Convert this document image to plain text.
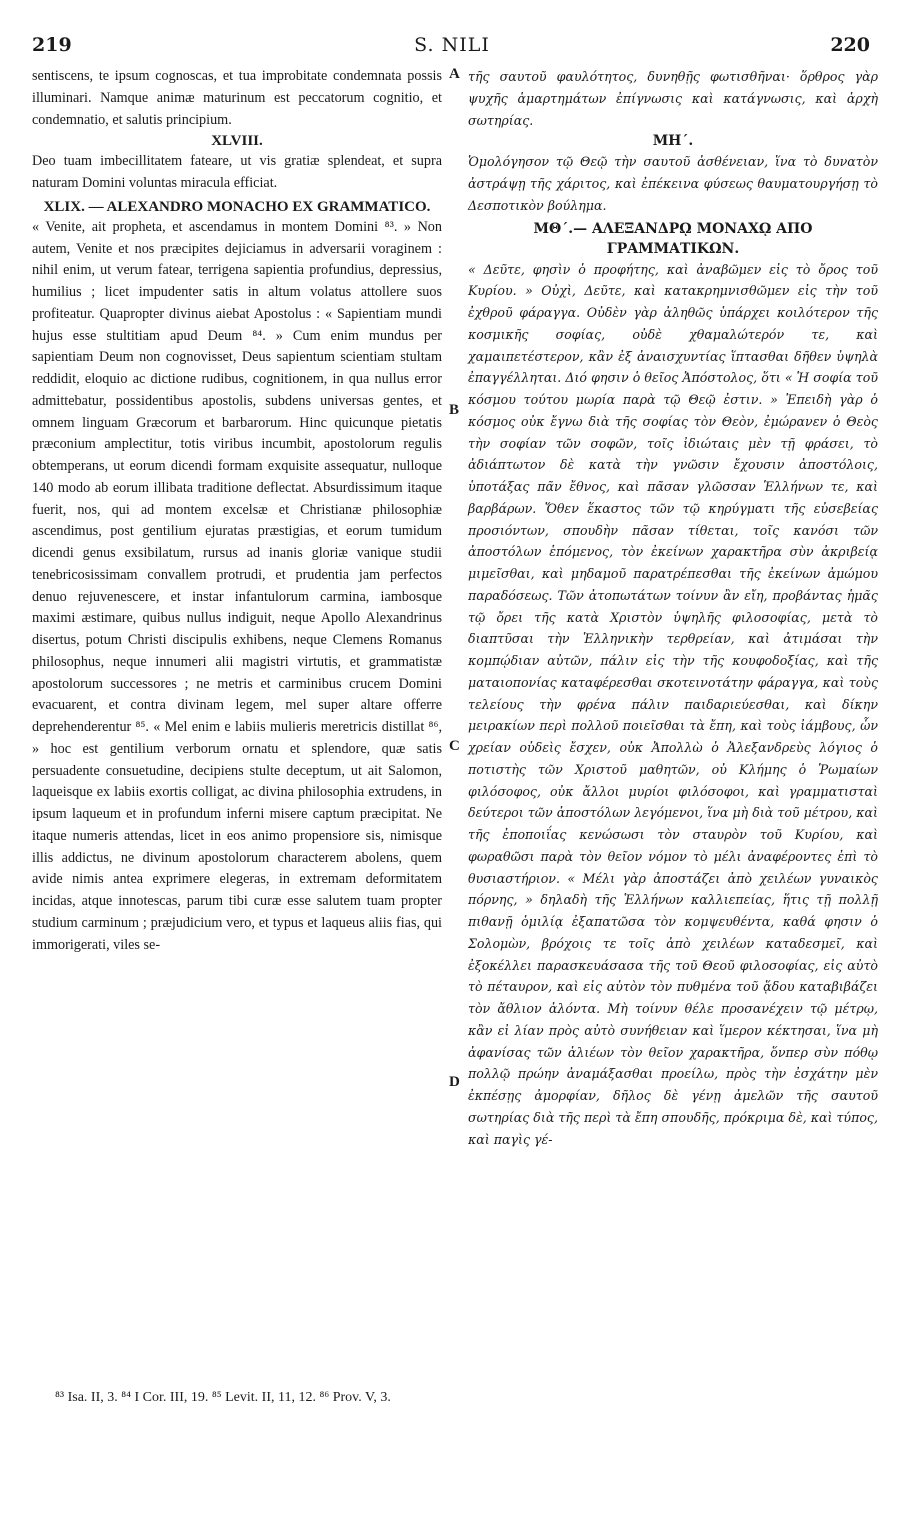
219	S. NILI	220

sentiscens, te ipsum cognoscas, et tua improbitate condemnata possis illuminari. Namque animæ maturinum est peccatorum cognitio, et condemnatio, et salutis principium.

XLVIII.

Deo tuam imbecillitatem fateare, ut vis gratiæ splendeat, et supra naturam Domini voluntas miracula efficiat.

XLIX. — ALEXANDRO MONACHO EX GRAMMATICO.

« Venite, ait propheta, et ascendamus in montem Domini ⁸³. » Non autem, Venite et nos præcipites dejiciamus in adversarii voraginem : nihil enim, ut verum fatear, terrigena sapientia profundius, depressius, humilius ; licet impudenter satis in altum volatus attollere suos profiteatur. Quapropter divinus aiebat Apostolus : « Sapientiam mundi hujus esse stultitiam apud Deum ⁸⁴. » Cum enim mundus per sapientiam Deum non cognovisset, Deus sapientum scientiam stultam reddidit, eloquio ac dictione rudibus, cognitionem, in qua nullus error admittebatur, possidentibus apostolis, subdens universas gentes, et omnem linguam Græcorum et barbarorum. Hinc quicunque pietatis præconium amplectitur, totis viribus incumbit, apostolorum regulis obtemperans, ut eorum dicendi formam exquisite assequatur, nulloque 140 modo ab eorum illibata traditione deflectat. Absurdissimum itaque fuerit, nos, qui ad montem excelsæ et Christianæ philosophiæ ascendimus, post gentilium ejuratas præstigias, et eorum tumidum dicendi genus exsibilatum, rursus ad inanis gloriæ vanique studii tenebricosissimam convallem protrudi, et prudentia jam perfectos denuo rejuvenescere, et instar infantulorum carmina, iambosque maximi æstimare, quibus nullus indiguit, neque Apollo Alexandrinus disertus, potum Christi discipulis exhibens, neque Clemens Romanus philosophus, neque innumeri alii magistri virtutis, et grammatistæ apostolorum successores ; ne metris et carminibus crucem Domini evacuarent, et contra divinam legem, mel super altare offerre deprehenderentur ⁸⁵. « Mel enim e labiis mulieris meretricis distillat ⁸⁶, » hoc est gentilium verborum ornatu et splendore, quæ satis persuadente consuetudine, decipiens stulte deceptum, ut ait Salomon, laqueisque ex labiis exortis colligat, ac divina philosophia extrudens, in ipsum laqueum et in profundum inferni misere captum præcipitat. Ne itaque numeris attendas, licet in eos animo propensiore sis, nimisque illis addictus, ne divinum apostolorum characterem abolens, quem avide nimis antea exprimere elegeras, in extremam deformitatem incidas, atque innotescas, parum tibi curæ esse salutem tuam propter studium carminum ; præjudicium vero, et typus et laqueus aliis fias, qui immorigerati, viles se-

τῆς σαυτοῦ φαυλότητος, δυνηθῇς φωτισθῆναι· ὅρθρος γὰρ ψυχῆς ἁμαρτημάτων ἐπίγνωσις καὶ κατάγνωσις, καὶ ἀρχὴ σωτηρίας.

ΜΗ΄.

Ὁμολόγησον τῷ Θεῷ τὴν σαυτοῦ ἀσθένειαν, ἵνα τὸ δυνατὸν ἀστράψῃ τῆς χάριτος, καὶ ἐπέκεινα φύσεως θαυματουργήσῃ τὸ Δεσποτικὸν βούλημα.

ΜΘ΄.— ΑΛΕΞΑΝΔΡῼ ΜΟΝΑΧῼ ΑΠΟ ΓΡΑΜΜΑΤΙΚΩΝ.

« Δεῦτε, φησὶν ὁ προφήτης, καὶ ἀναβῶμεν εἰς τὸ ὄρος τοῦ Κυρίου. » Οὐχὶ, Δεῦτε, καὶ κατακρημνισθῶμεν εἰς τὴν τοῦ ἐχθροῦ φάραγγα. Οὐδὲν γὰρ ἀληθῶς ὑπάρχει κοιλότερον τῆς κοσμικῆς σοφίας, οὐδὲ χθαμαλώτερόν τε, καὶ χαμαιπετέστερον, κἂν ἐξ ἀναισχυντίας ἵπτασθαι δῆθεν ὑψηλὰ ἐπαγγέλληται. Διό φησιν ὁ θεῖος Ἀπόστολος, ὅτι « Ἡ σοφία τοῦ κόσμου τούτου μωρία παρὰ τῷ Θεῷ ἐστιν. » Ἐπειδὴ γὰρ ὁ κόσμος οὐκ ἔγνω διὰ τῆς σοφίας τὸν Θεὸν, ἐμώρανεν ὁ Θεὸς τὴν σοφίαν τῶν σοφῶν, τοῖς ἰδιώταις μὲν τῇ φράσει, τὸ ἀδιάπτωτον δὲ κατὰ τὴν γνῶσιν ἔχουσιν ἀποστόλοις, ὑποτάξας πᾶν ἔθνος, καὶ πᾶσαν γλῶσσαν Ἑλλήνων τε, καὶ βαρβάρων. Ὅθεν ἕκαστος τῶν τῷ κηρύγματι τῆς εὐσεβείας προσιόντων, σπουδὴν πᾶσαν τίθεται, τοῖς κανόσι τῶν ἀποστόλων ἑπόμενος, τὸν ἐκείνων χαρακτῆρα σὺν ἀκριβείᾳ μιμεῖσθαι, καὶ μηδαμοῦ παρατρέπεσθαι τῆς ἐκείνων ἀμώμου παραδόσεως. Τῶν ἀτοπωτάτων τοίνυν ἂν εἴη, προβάντας ἡμᾶς τῷ ὄρει τῆς κατὰ Χριστὸν ὑψηλῆς φιλοσοφίας, μετὰ τὸ διαπτῦσαι τὴν Ἑλληνικὴν τερθρείαν, καὶ ἀτιμάσαι τὴν κομπῴδιαν αὐτῶν, πάλιν εἰς τὴν τῆς κουφοδοξίας, καὶ τῆς ματαιοπονίας καταφέρεσθαι σκοτεινοτάτην φάραγγα, καὶ τοὺς τελείους τὴν φρένα πάλιν παιδαριεύεσθαι, καὶ δίκην μειρακίων περὶ πολλοῦ ποιεῖσθαι τὰ ἔπη, καὶ τοὺς ἰάμβους, ὧν χρείαν οὐδεὶς ἔσχεν, οὐκ Ἀπολλὼ ὁ Ἀλεξανδρεὺς λόγιος ὁ ποτιστὴς τῶν Χριστοῦ μαθητῶν, οὐ Κλήμης ὁ Ῥωμαίων φιλόσοφος, οὐκ ἄλλοι μυρίοι φιλόσοφοι, καὶ γραμματισταὶ δεύτεροι τῶν ἀποστόλων λεγόμενοι, ἵνα μὴ διὰ τοῦ μέτρου, καὶ τῆς ἐποποιΐας κενώσωσι τὸν σταυρὸν τοῦ Κυρίου, καὶ φωραθῶσι παρὰ τὸν θεῖον νόμον τὸ μέλι ἀναφέροντες ἐπὶ τὸ θυσιαστήριον. « Μέλι γὰρ ἀποστάζει ἀπὸ χειλέων γυναικὸς πόρνης, » δηλαδὴ τῆς Ἑλλήνων καλλιεπείας, ἥτις τῇ πολλῇ πιθανῇ ὁμιλίᾳ ἐξαπατῶσα τὸν κομψευθέντα, καθά φησιν ὁ Σολομὼν, βρόχοις τε τοῖς ἀπὸ χειλέων καταδεσμεῖ, καὶ ἐξοκέλλει παρασκευάσασα τῆς τοῦ Θεοῦ φιλοσοφίας, εἰς αὐτὸ τὸ πέταυρον, καὶ εἰς αὐτὸν τὸν πυθμένα τοῦ ᾅδου καταβιβάζει τὸν ἄθλιον ἁλόντα. Μὴ τοίνυν θέλε προσανέχειν τῷ μέτρῳ, κἂν εἰ λίαν πρὸς αὐτὸ συνήθειαν καὶ ἵμερον κέκτησαι, ἵνα μὴ ἀφανίσας τῶν ἁλιέων τὸν θεῖον χαρακτῆρα, ὅνπερ σὺν πόθῳ πολλῷ πρώην ἀναμάξασθαι προείλω, πρὸς τὴν ἐσχάτην μὲν ἐκπέσῃς ἀμορφίαν, δῆλος δὲ γένῃ ἀμελῶν τῆς σαυτοῦ σωτηρίας διὰ τῆς περὶ τὰ ἔπη σπουδῆς, πρόκριμα δὲ, καὶ τύπος, καὶ παγὶς γέ-

A
B
C
D
⁸³ Isa. II, 3. ⁸⁴ I Cor. III, 19. ⁸⁵ Levit. II, 11, 12. ⁸⁶ Prov. V, 3.
